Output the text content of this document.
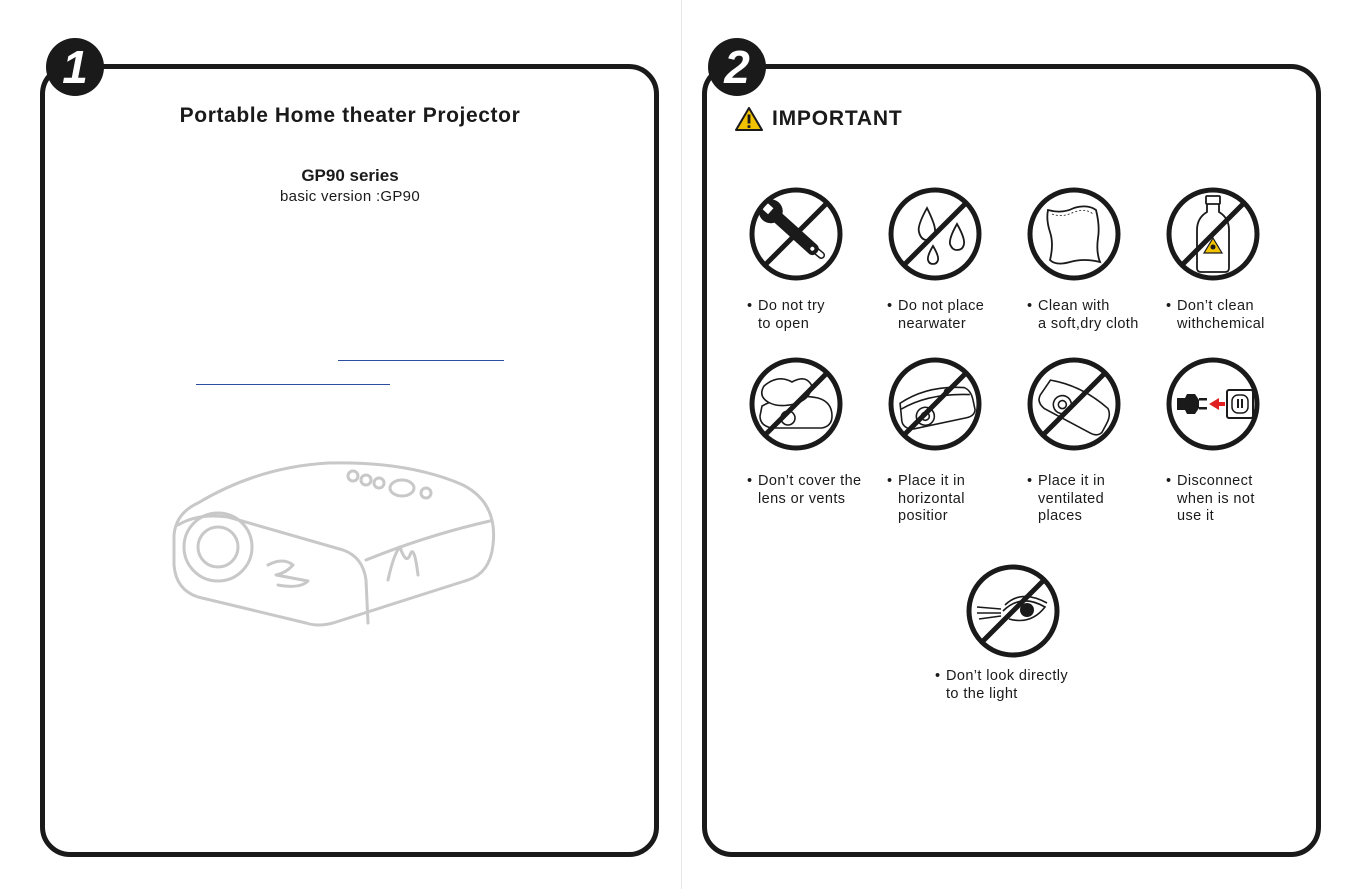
1
Portable Home theater Projector
GP90 series
basic version :GP90
2
IMPORTANT
• Do not try
to open
• Do not place
nearwater
• Clean with
a soft,dry cloth
• Don’t clean
withchemical
• Don’t cover the
lens or vents
• Place it in
horizontal
positior
• Place it in
ventilated
places
• Disconnect
when is not
use it
• Don’t look directly
to the light
